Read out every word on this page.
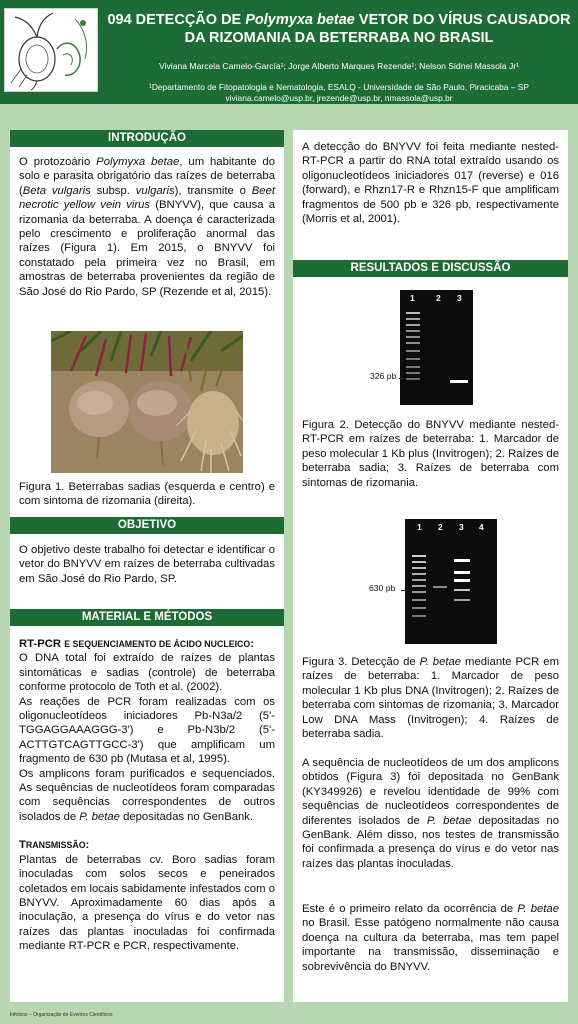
094 DETECÇÃO DE Polymyxa betae VETOR DO VÍRUS CAUSADOR DA RIZOMANIA DA BETERRABA NO BRASIL
Viviana Marcela Camelo-García¹; Jorge Alberto Marques Rezende¹; Nelson Sidnei Massola Jr¹
¹Departamento de Fitopatologia e Nematologia, ESALQ - Universidade de São Paulo, Piracicaba – SP
viviana.camelo@usp.br, jrezende@usp.br, nmassola@usp.br
INTRODUÇÃO
O protozoário Polymyxa betae, um habitante do solo e parasita obrigatório das raízes de beterraba (Beta vulgaris subsp. vulgaris), transmite o Beet necrotic yellow vein virus (BNYVV), que causa a rizomania da beterraba. A doença é caracterizada pelo crescimento e proliferação anormal das raízes (Figura 1). Em 2015, o BNYVV foi constatado pela primeira vez no Brasil, em amostras de beterraba provenientes da região de São José do Rio Pardo, SP (Rezende et al, 2015).
Figura 1. Beterrabas sadias (esquerda e centro) e com sintoma de rizomania (direita).
OBJETIVO
O objetivo deste trabalho foi detectar e identificar o vetor do BNYVV em raízes de beterraba cultivadas em São José do Rio Pardo, SP.
MATERIAL E MÉTODOS
RT-PCR E SEQUENCIAMENTO DE ÁCIDO NUCLEICO:
O DNA total foi extraído de raízes de plantas sintomáticas e sadias (controle) de beterraba conforme protocolo de Toth et al. (2002).
As reações de PCR foram realizadas com os oligonucleotídeos iniciadores Pb-N3a/2 (5'-TGGAGGAAAGGG-3') e Pb-N3b/2 (5'-ACTTGTCAGTTGCC-3') que amplificam um fragmento de 630 pb (Mutasa et al, 1995).
Os amplicons foram purificados e sequenciados. As sequências de nucleotídeos foram comparadas com sequências correspondentes de outros isolados de P. betae depositadas no GenBank.
TRANSMISSÃO:
Plantas de beterrabas cv. Boro sadias foram inoculadas com solos secos e peneirados coletados em locais sabidamente infestados com o BNYVV. Aproximadamente 60 dias após a inoculação, a presença do vírus e do vetor nas raízes das plantas inoculadas foi confirmada mediante RT-PCR e PCR, respectivamente.
A detecção do BNYVV foi feita mediante nested-RT-PCR a partir do RNA total extraído usando os oligonucleotídeos iniciadores 017 (reverse) e 016 (forward), e Rhzn17-R e Rhzn15-F que amplificam fragmentos de 500 pb e 326 pb, respectivamente (Morris et al, 2001).
RESULTADOS E DISCUSSÃO
1	2 3
326 pb
Figura 2. Detecção do BNYVV mediante nested-RT-PCR em raízes de beterraba: 1. Marcador de peso molecular 1 Kb plus (Invitrogen); 2. Raízes de beterraba sadia; 3. Raízes de beterraba com sintomas de rizomania.
1 2 3 4
630 pb
Figura 3. Detecção de P. betae mediante PCR em raízes de beterraba: 1. Marcador de peso molecular 1 Kb plus DNA (Invitrogen); 2. Raízes de beterraba com sintomas de rizomania; 3. Marcador Low DNA Mass (Invitrogen); 4. Raízes de beterraba sadia.
A sequência de nucleotídeos de um dos amplicons obtidos (Figura 3) foi depositada no GenBank (KY349926) e revelou identidade de 99% com sequências de nucleotídeos correspondentes de diferentes isolados de P. betae depositadas no GenBank. Além disso, nos testes de transmissão foi confirmada a presença do vírus e do vetor nas raízes das plantas inoculadas.
Este é o primeiro relato da ocorrência de P. betae no Brasil. Esse patógeno normalmente não causa doença na cultura da beterraba, mas tem papel importante na transmissão, disseminação e sobrevivência do BNYVV.
Infobios – Organização de Eventos Científicos
